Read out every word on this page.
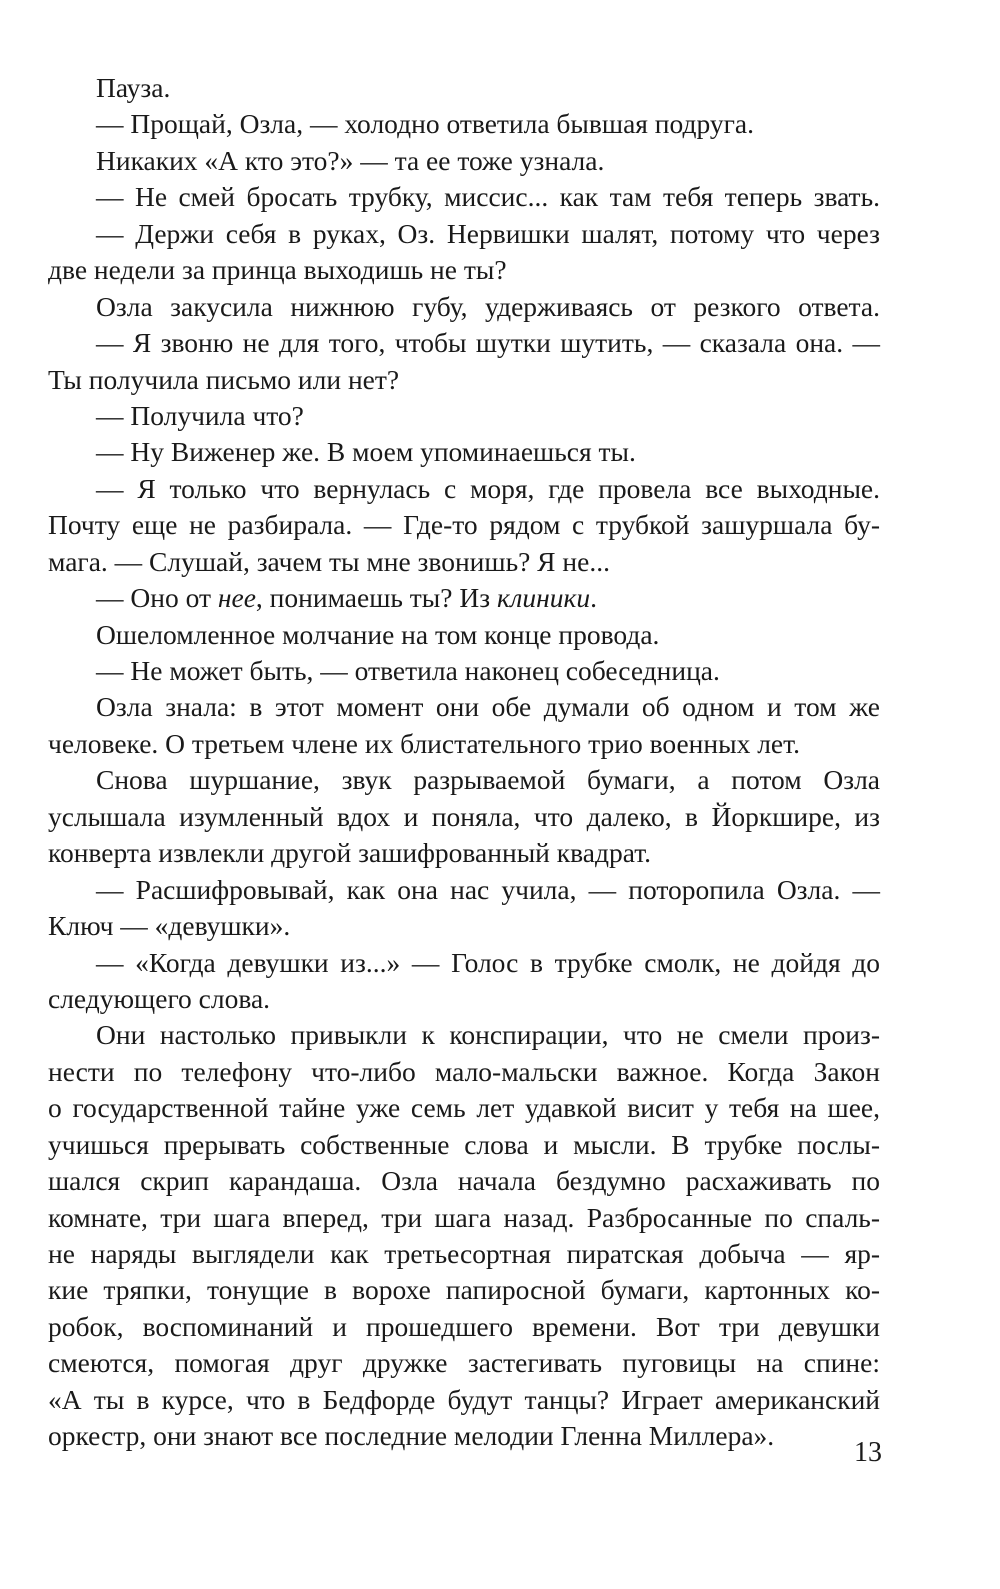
Пауза.
— Прощай, Озла, — холодно ответила бывшая подруга.
Никаких «А кто это?» — та ее тоже узнала.
— Не смей бросать трубку, миссис... как там тебя теперь звать.
— Держи себя в руках, Оз. Нервишки шалят, потому что через
две недели за принца выходишь не ты?
Озла закусила нижнюю губу, удерживаясь от резкого ответа.
— Я звоню не для того, чтобы шутки шутить, — сказала она. —
Ты получила письмо или нет?
— Получила что?
— Ну Виженер же. В моем упоминаешься ты.
— Я только что вернулась с моря, где провела все выходные.
Почту еще не разбирала. — Где-то рядом с трубкой зашуршала бу-
мага. — Слушай, зачем ты мне звонишь? Я не...
— Оно от нее, понимаешь ты? Из клиники.
Ошеломленное молчание на том конце провода.
— Не может быть, — ответила наконец собеседница.
Озла знала: в этот момент они обе думали об одном и том же
человеке. О третьем члене их блистательного трио военных лет.
Снова шуршание, звук разрываемой бумаги, а потом Озла
услышала изумленный вдох и поняла, что далеко, в Йоркшире, из
конверта извлекли другой зашифрованный квадрат.
— Расшифровывай, как она нас учила, — поторопила Озла. —
Ключ — «девушки».
— «Когда девушки из...» — Голос в трубке смолк, не дойдя до
следующего слова.
Они настолько привыкли к конспирации, что не смели произ-
нести по телефону что-либо мало-мальски важное. Когда Закон
о государственной тайне уже семь лет удавкой висит у тебя на шее,
учишься прерывать собственные слова и мысли. В трубке послы-
шался скрип карандаша. Озла начала бездумно расхаживать по
комнате, три шага вперед, три шага назад. Разбросанные по спаль-
не наряды выглядели как третьесортная пиратская добыча — яр-
кие тряпки, тонущие в ворохе папиросной бумаги, картонных ко-
робок, воспоминаний и прошедшего времени. Вот три девушки
смеются, помогая друг дружке застегивать пуговицы на спине:
«А ты в курсе, что в Бедфорде будут танцы? Играет американский
оркестр, они знают все последние мелодии Гленна Миллера».
13
